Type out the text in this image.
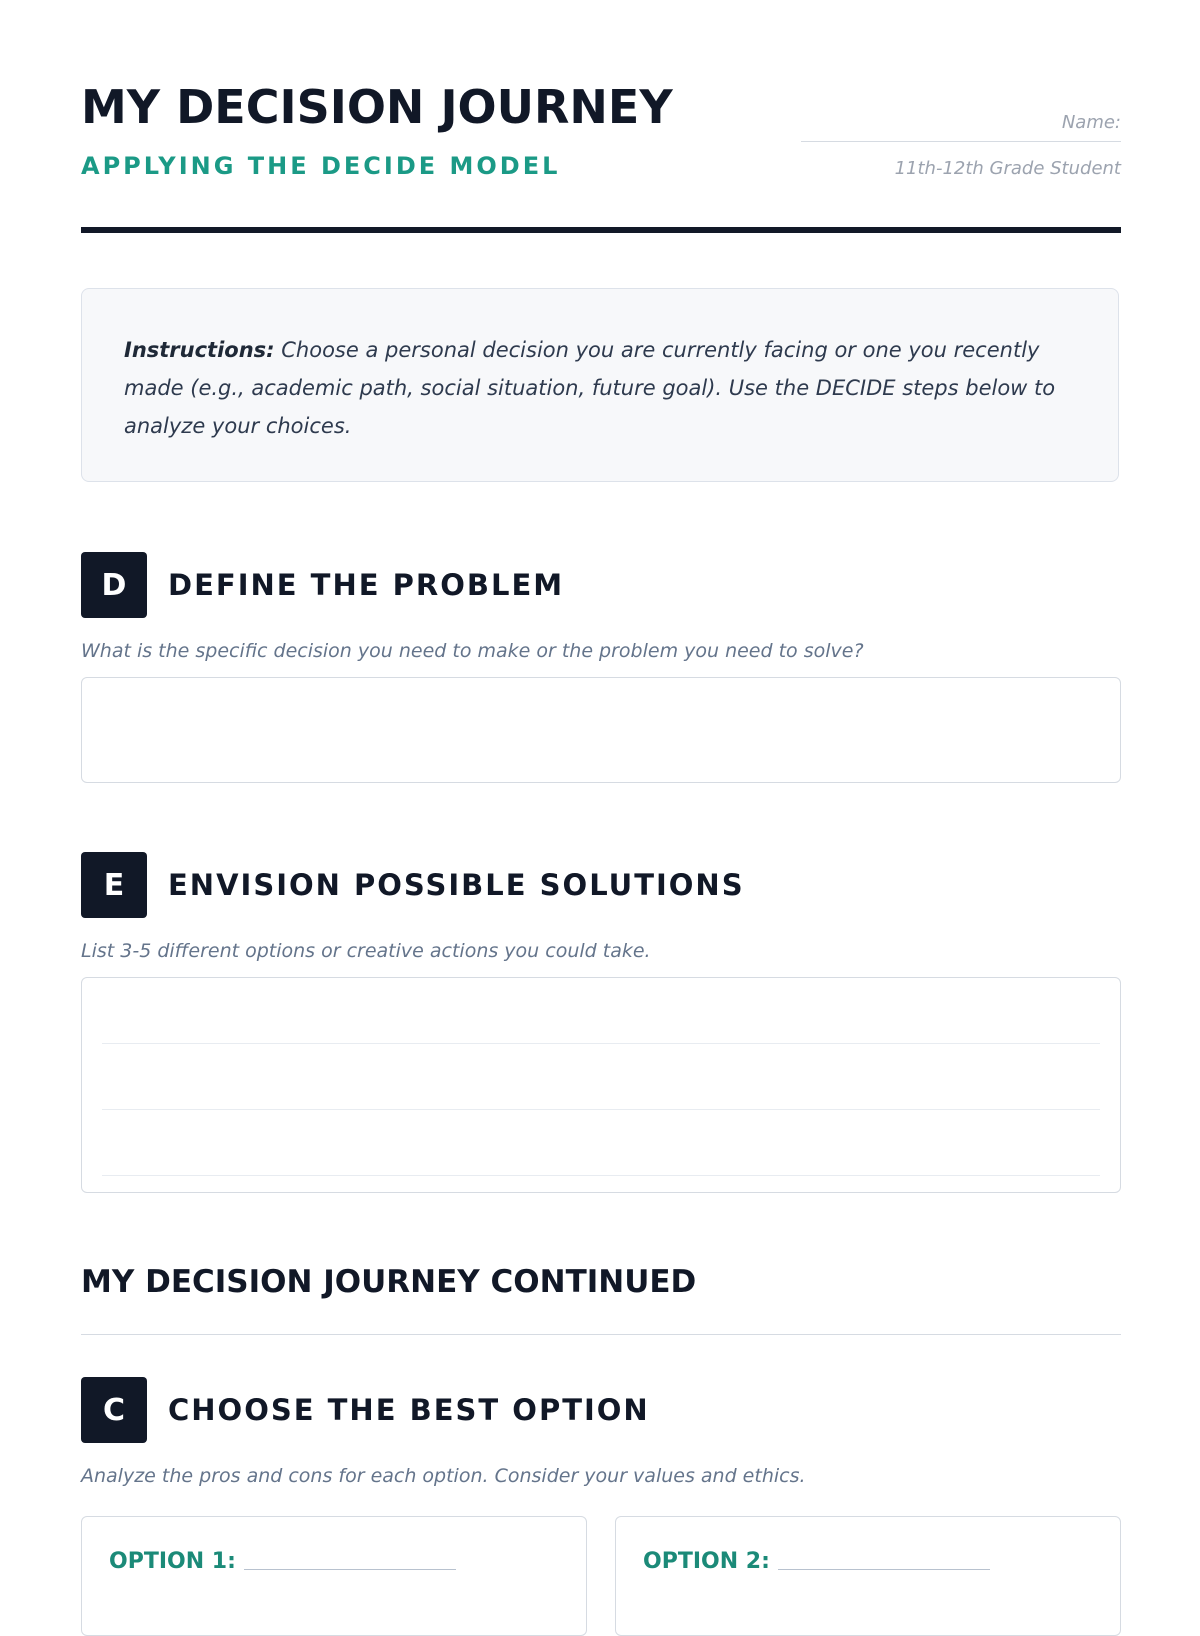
MY DECISION JOURNEY
APPLYING THE DECIDE MODEL
Name:
11th-12th Grade Student
Instructions: Choose a personal decision you are currently facing or one you recently made (e.g., academic path, social situation, future goal). Use the DECIDE steps below to analyze your choices.
D	DEFINE THE PROBLEM
What is the specific decision you need to make or the problem you need to solve?
E	ENVISION POSSIBLE SOLUTIONS
List 3-5 different options or creative actions you could take.
MY DECISION JOURNEY CONTINUED
C	CHOOSE THE BEST OPTION
Analyze the pros and cons for each option. Consider your values and ethics.
OPTION 1:	OPTION 2:
